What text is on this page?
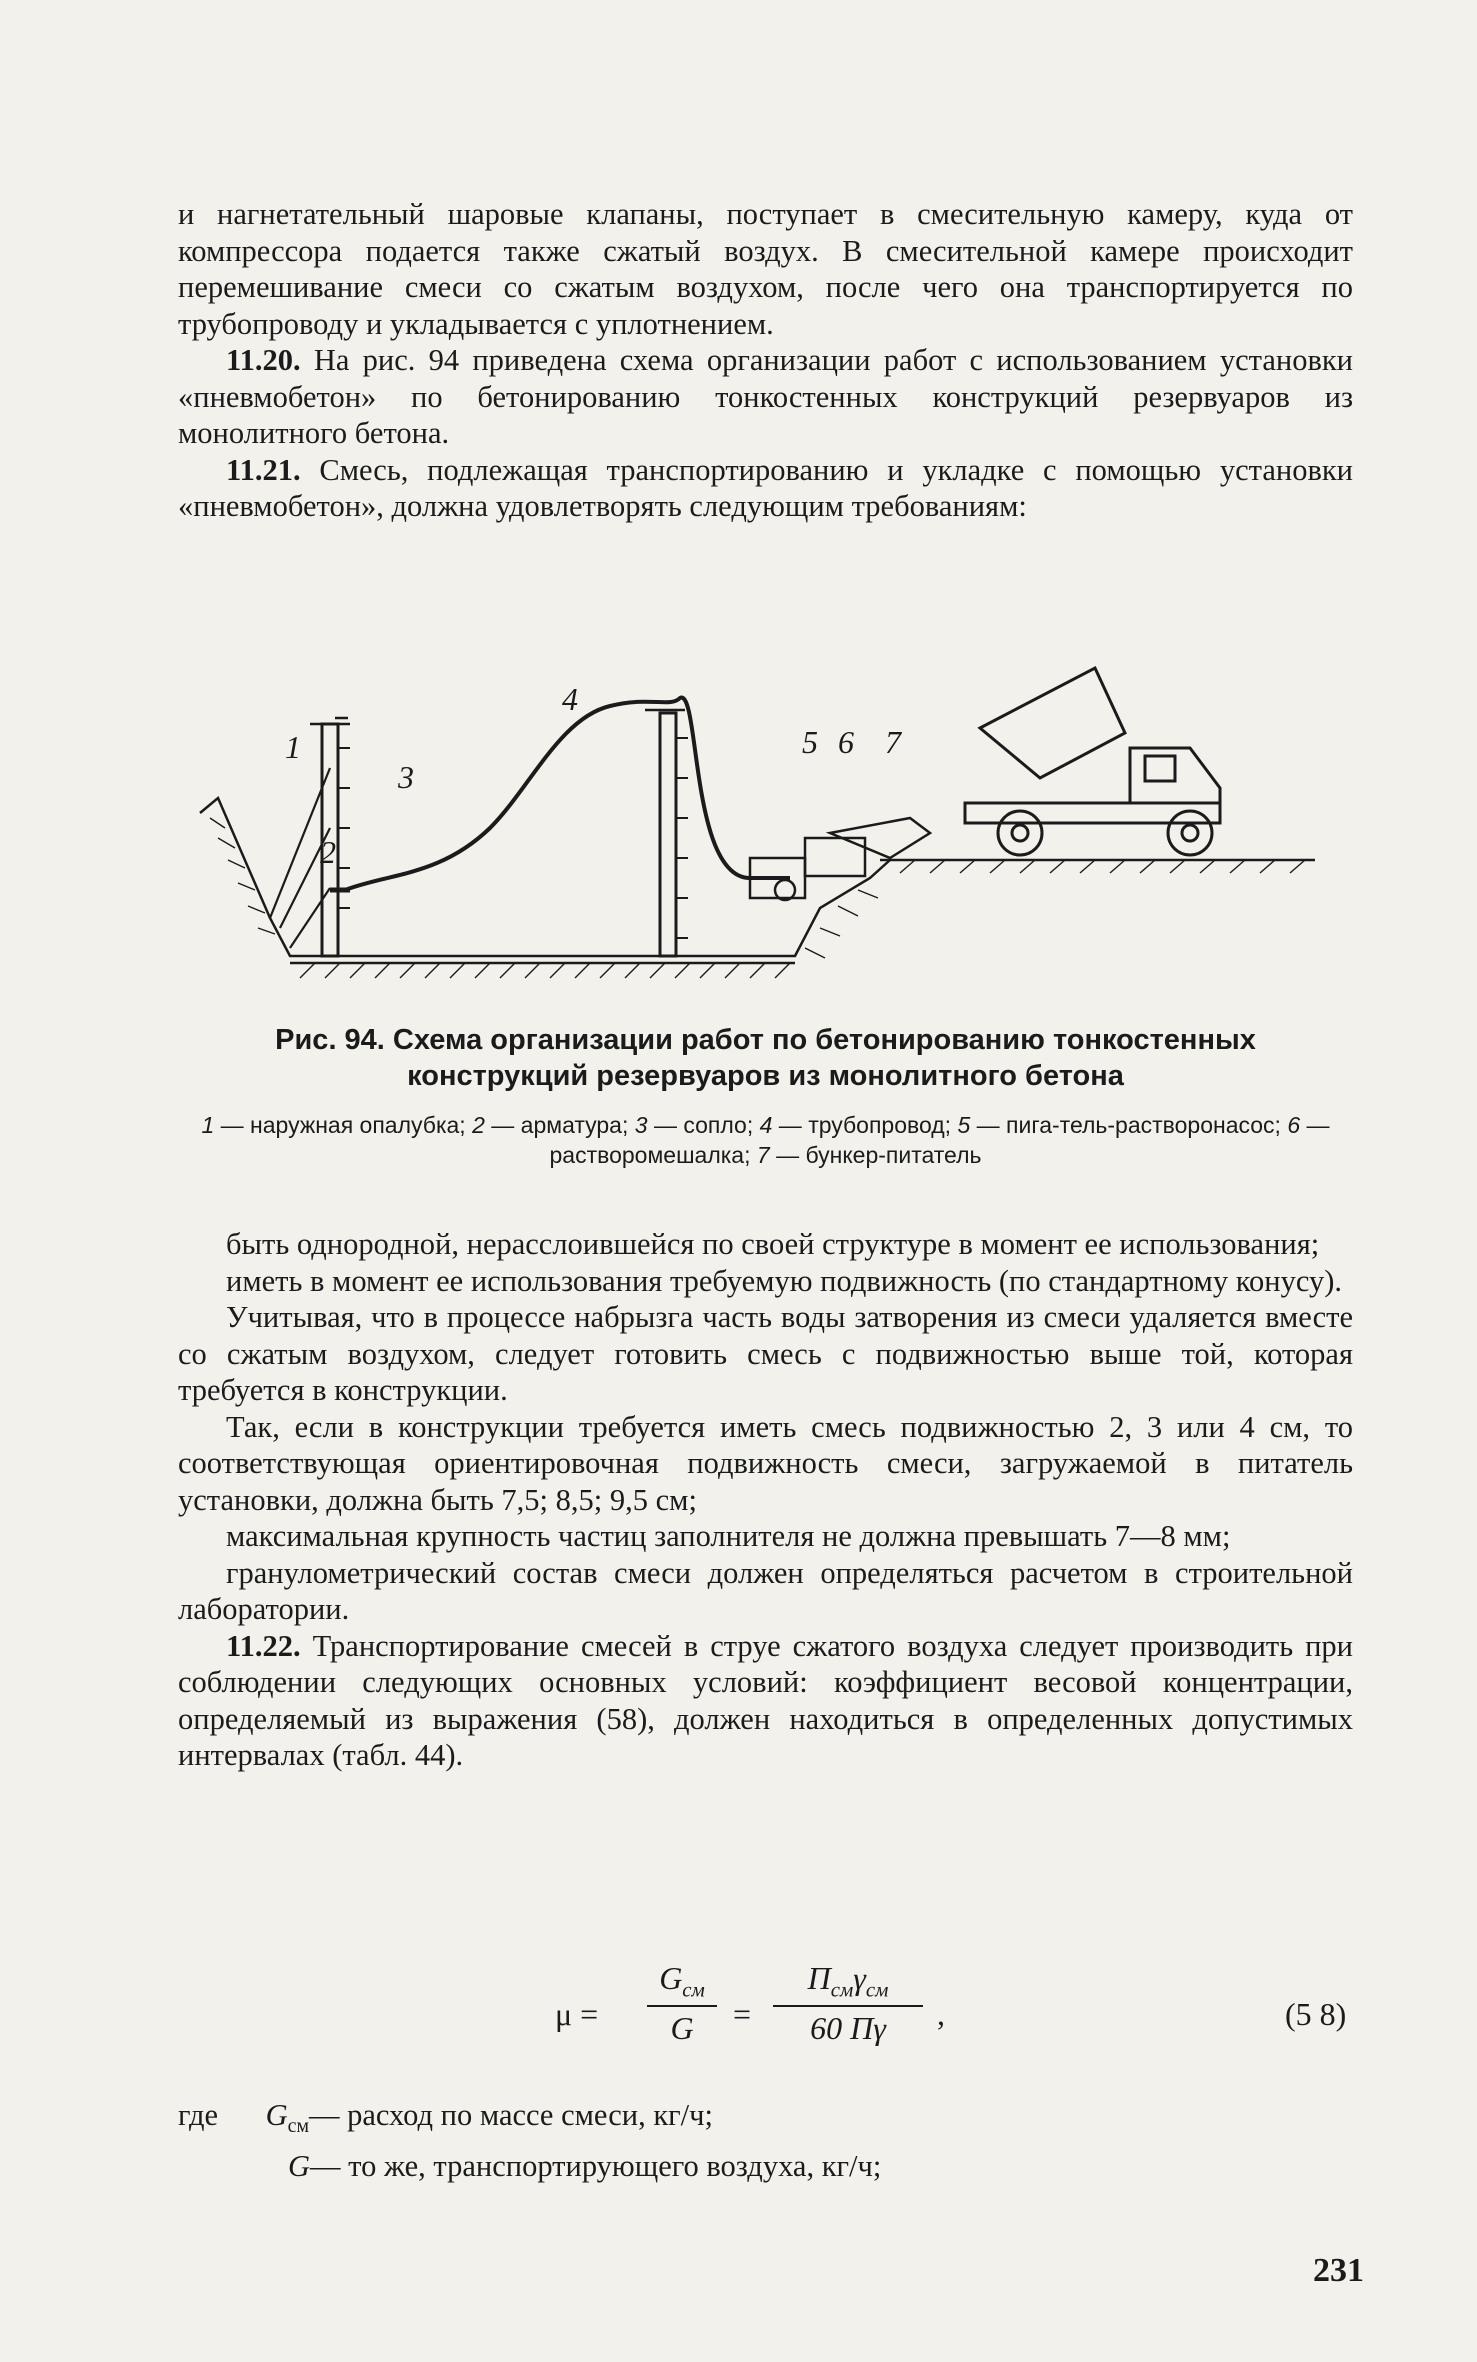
и нагнетательный шаровые клапаны, поступает в смесительную камеру, куда от компрессора подается также сжатый воздух. В смесительной камере происходит перемешивание смеси со сжатым воздухом, после чего она транспортируется по трубопроводу и укладывается с уплотнением.

11.20. На рис. 94 приведена схема организации работ с использованием установки «пневмобетон» по бетонированию тонкостенных конструкций резервуаров из монолитного бетона.

11.21. Смесь, подлежащая транспортированию и укладке с помощью установки «пневмобетон», должна удовлетворять следующим требованиям:

1
2
3
4
5 6 7
Рис. 94. Схема организации работ по бетонированию тонкостенных
конструкций резервуаров из монолитного бетона
1 — наружная опалубка; 2 — арматура; 3 — сопло; 4 — трубопровод; 5 — пига-тель-растворонасос; 6 — растворомешалка; 7 — бункер-питатель

быть однородной, нерасслоившейся по своей структуре в момент ее использования;

иметь в момент ее использования требуемую подвижность (по стандартному конусу).

Учитывая, что в процессе набрызга часть воды затворения из смеси удаляется вместе со сжатым воздухом, следует готовить смесь с подвижностью выше той, которая требуется в конструкции.

Так, если в конструкции требуется иметь смесь подвижностью 2, 3 или 4 см, то соответствующая ориентировочная подвижность смеси, загружаемой в питатель установки, должна быть 7,5; 8,5; 9,5 см;

максимальная крупность частиц заполнителя не должна превышать 7—8 мм;

гранулометрический состав смеси должен определяться расчетом в строительной лаборатории.

11.22. Транспортирование смесей в струе сжатого воздуха следует производить при соблюдении следующих основных условий: коэффициент весовой концентрации, определяемый из выражения (58), должен находиться в определенных допустимых интервалах (табл. 44).

μ =
$G_{см}$
G	=
$П_{см}\gamma_{см}$
60 Пγ	,	(5 8)
где $G_{см}—$ расход по массе смеси, кг/ч;
G— то же, транспортирующего воздуха, кг/ч;
231
